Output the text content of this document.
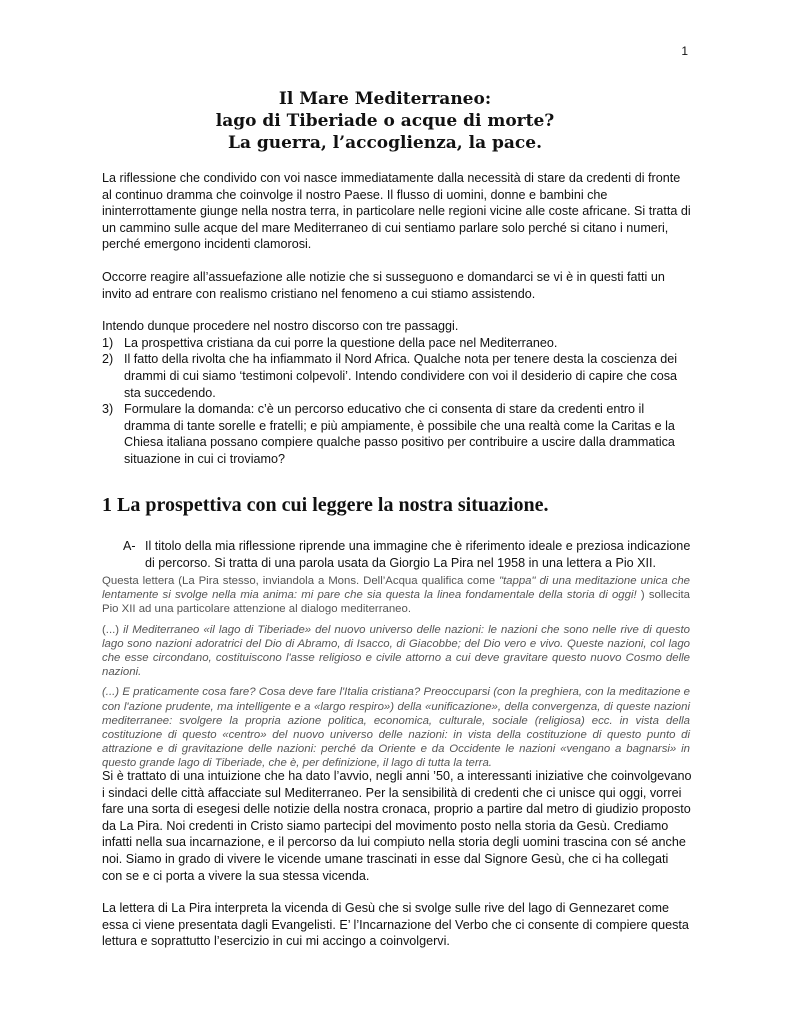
1
Il Mare Mediterraneo:
lago di Tiberiade o acque di morte?
La guerra, l’accoglienza, la pace.

La riflessione che condivido con voi nasce immediatamente dalla necessità di stare da credenti di fronte al continuo dramma che coinvolge il nostro Paese. Il flusso di uomini, donne e bambini che ininterrottamente giunge nella nostra terra, in particolare nelle regioni vicine alle coste africane. Si tratta di un cammino sulle acque del mare Mediterraneo di cui sentiamo parlare solo perché si citano i numeri, perché emergono incidenti clamorosi.

Occorre reagire all’assuefazione alle notizie che si susseguono e domandarci se vi è in questi fatti un invito ad entrare con realismo cristiano nel fenomeno a cui stiamo assistendo.

Intendo dunque procedere nel nostro discorso con tre passaggi.

1) La prospettiva cristiana da cui porre la questione della pace nel Mediterraneo.
2) Il fatto della rivolta che ha infiammato il Nord Africa. Qualche nota per tenere desta la coscienza dei drammi di cui siamo ‘testimoni colpevoli’. Intendo condividere con voi il desiderio di capire che cosa sta succedendo.
3) Formulare la domanda: c’è un percorso educativo che ci consenta di stare da credenti entro il dramma di tante sorelle e fratelli; e più ampiamente, è possibile che una realtà come la Caritas e la Chiesa italiana possano compiere qualche passo positivo per contribuire a uscire dalla drammatica situazione in cui ci troviamo?
1 La prospettiva con cui leggere la nostra situazione.
A- Il titolo della mia riflessione riprende una immagine che è riferimento ideale e preziosa indicazione di percorso. Si tratta di una parola usata da Giorgio La Pira nel 1958 in una lettera a Pio XII.

Questa lettera (La Pira stesso, inviandola a Mons. Dell’Acqua qualifica come "tappa" di una meditazione unica che lentamente si svolge nella mia anima: mi pare che sia questa la linea fondamentale della storia di oggi! ) sollecita Pio XII ad una particolare attenzione al dialogo mediterraneo.

(...) il Mediterraneo «il lago di Tiberiade» del nuovo universo delle nazioni: le nazioni che sono nelle rive di questo lago sono nazioni adoratrici del Dio di Abramo, di Isacco, di Giacobbe; del Dio vero e vivo. Queste nazioni, col lago che esse circondano, costituiscono l'asse religioso e civile attorno a cui deve gravitare questo nuovo Cosmo delle nazioni.

(...) E praticamente cosa fare? Cosa deve fare l'Italia cristiana? Preoccuparsi (con la preghiera, con la meditazione e con l'azione prudente, ma intelligente e a «largo respiro») della «unificazione», della convergenza, di queste nazioni mediterranee: svolgere la propria azione politica, economica, culturale, sociale (religiosa) ecc. in vista della costituzione di questo «centro» del nuovo universo delle nazioni: in vista della costituzione di questo punto di attrazione e di gravitazione delle nazioni: perché da Oriente e da Occidente le nazioni «vengano a bagnarsi» in questo grande lago di Tiberiade, che è, per definizione, il lago di tutta la terra.

Si è trattato di una intuizione che ha dato l’avvio, negli anni ’50, a interessanti iniziative che coinvolgevano i sindaci delle città affacciate sul Mediterraneo. Per la sensibilità di credenti che ci unisce qui oggi, vorrei fare una sorta di esegesi delle notizie della nostra cronaca, proprio a partire dal metro di giudizio proposto da La Pira. Noi credenti in Cristo siamo partecipi del movimento posto nella storia da Gesù. Crediamo infatti nella sua incarnazione, e il percorso da lui compiuto nella storia degli uomini trascina con sé anche noi. Siamo in grado di vivere le vicende umane trascinati in esse dal Signore Gesù, che ci ha collegati con se e ci porta a vivere la sua stessa vicenda.

La lettera di La Pira interpreta la vicenda di Gesù che si svolge sulle rive del lago di Gennezaret come essa ci viene presentata dagli Evangelisti. E’ l’Incarnazione del Verbo che ci consente di compiere questa lettura e soprattutto l’esercizio in cui mi accingo a coinvolgervi.
